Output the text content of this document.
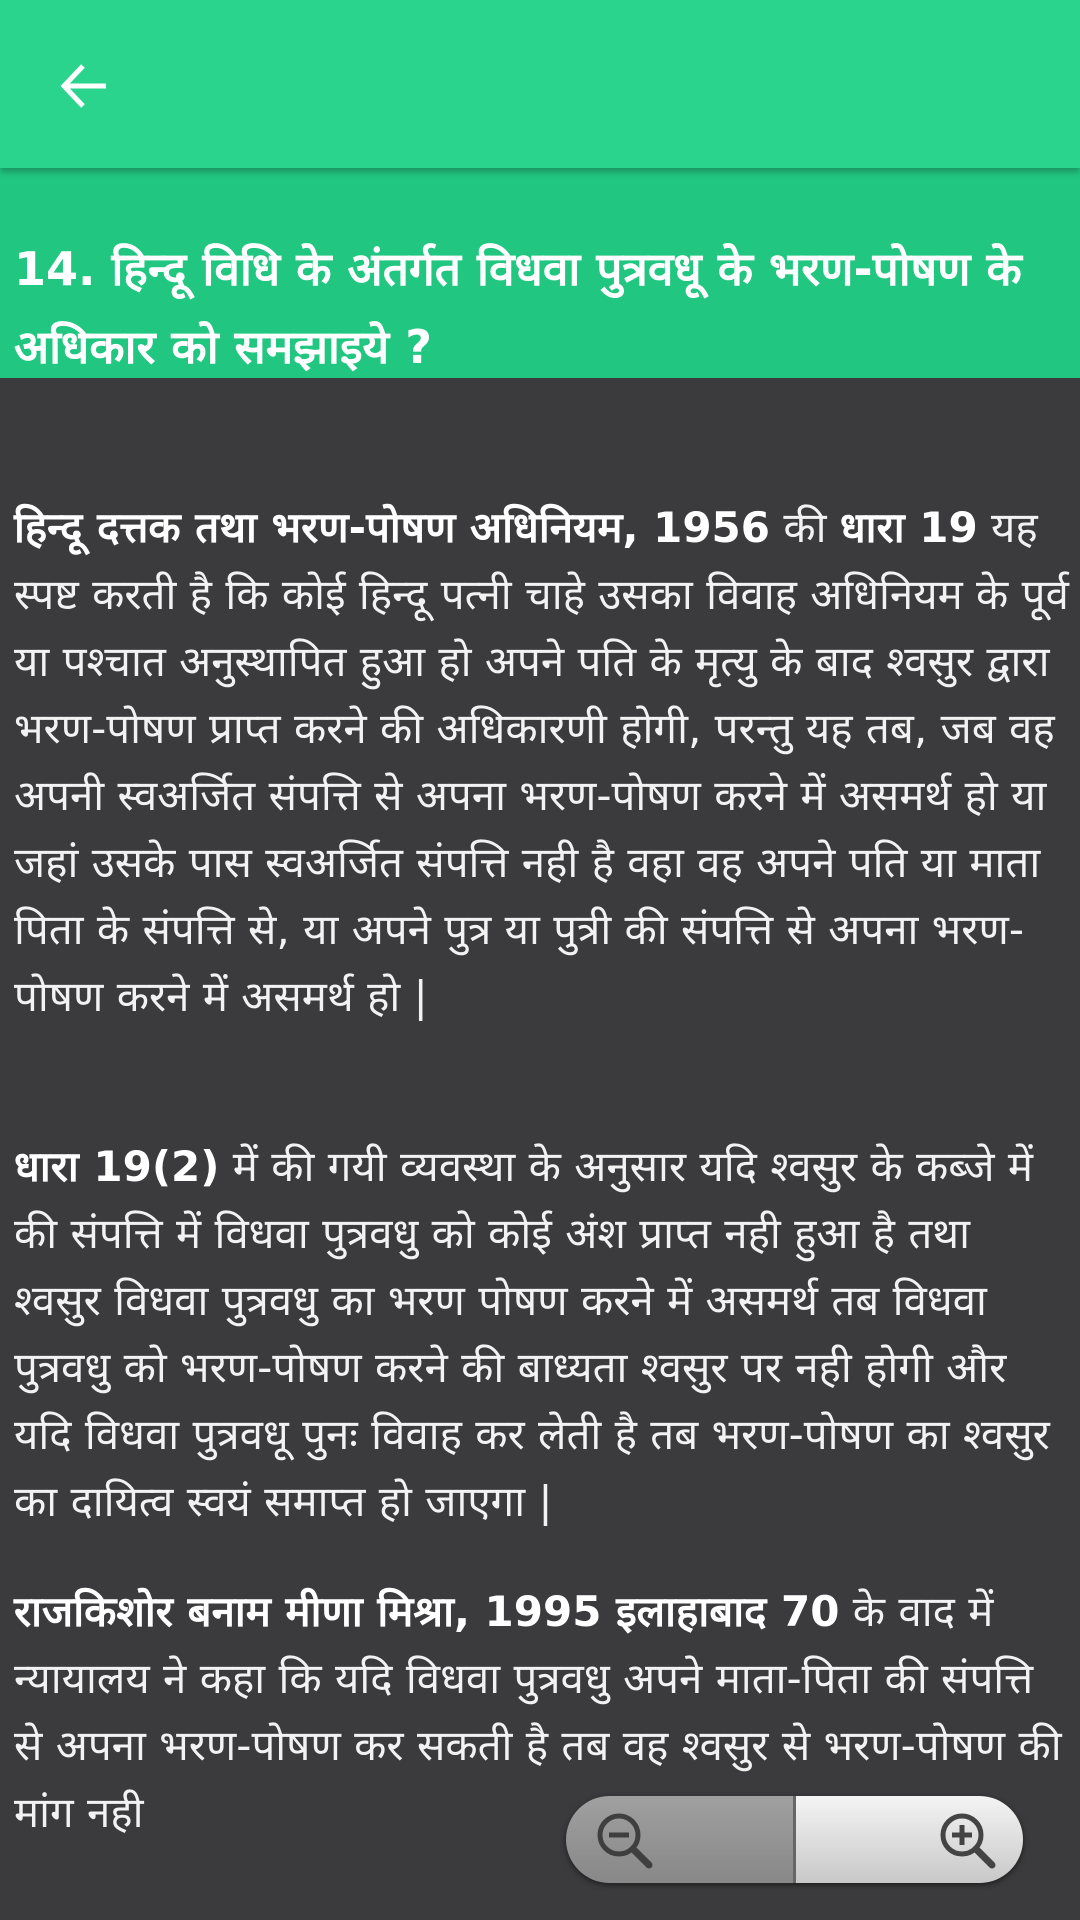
14. हिन्दू विधि के अंतर्गत विधवा पुत्रवधू के भरण-पोषण के अधिकार को समझाइये ?

हिन्दू दत्तक तथा भरण-पोषण अधिनियम, 1956 की धारा 19 यह स्पष्ट करती है कि कोई हिन्दू पत्नी चाहे उसका विवाह अधिनियम के पूर्व या पश्चात अनुस्थापित हुआ हो अपने पति के मृत्यु के बाद श्वसुर द्वारा भरण-पोषण प्राप्त करने की अधिकारणी होगी, परन्तु यह तब, जब वह अपनी स्वअर्जित संपत्ति से अपना भरण-पोषण करने में असमर्थ हो या जहां उसके पास स्वअर्जित संपत्ति नही है वहा वह अपने पति या माता पिता के संपत्ति से, या अपने पुत्र या पुत्री की संपत्ति से अपना भरण-पोषण करने में असमर्थ हो |

धारा 19(2) में की गयी व्यवस्था के अनुसार यदि श्वसुर के कब्जे में की संपत्ति में विधवा पुत्रवधु को कोई अंश प्राप्त नही हुआ है तथा श्वसुर विधवा पुत्रवधु का भरण पोषण करने में असमर्थ तब विधवा पुत्रवधु को भरण-पोषण करने की बाध्यता श्वसुर पर नही होगी और यदि विधवा पुत्रवधू पुनः विवाह कर लेती है तब भरण-पोषण का श्वसुर का दायित्व स्वयं समाप्त हो जाएगा |

राजकिशोर बनाम मीणा मिश्रा, 1995 इलाहाबाद 70 के वाद में न्यायालय ने कहा कि यदि विधवा पुत्रवधु अपने माता-पिता की संपत्ति से अपना भरण-पोषण कर सकती है तब वह श्वसुर से भरण-पोषण की मांग नही
